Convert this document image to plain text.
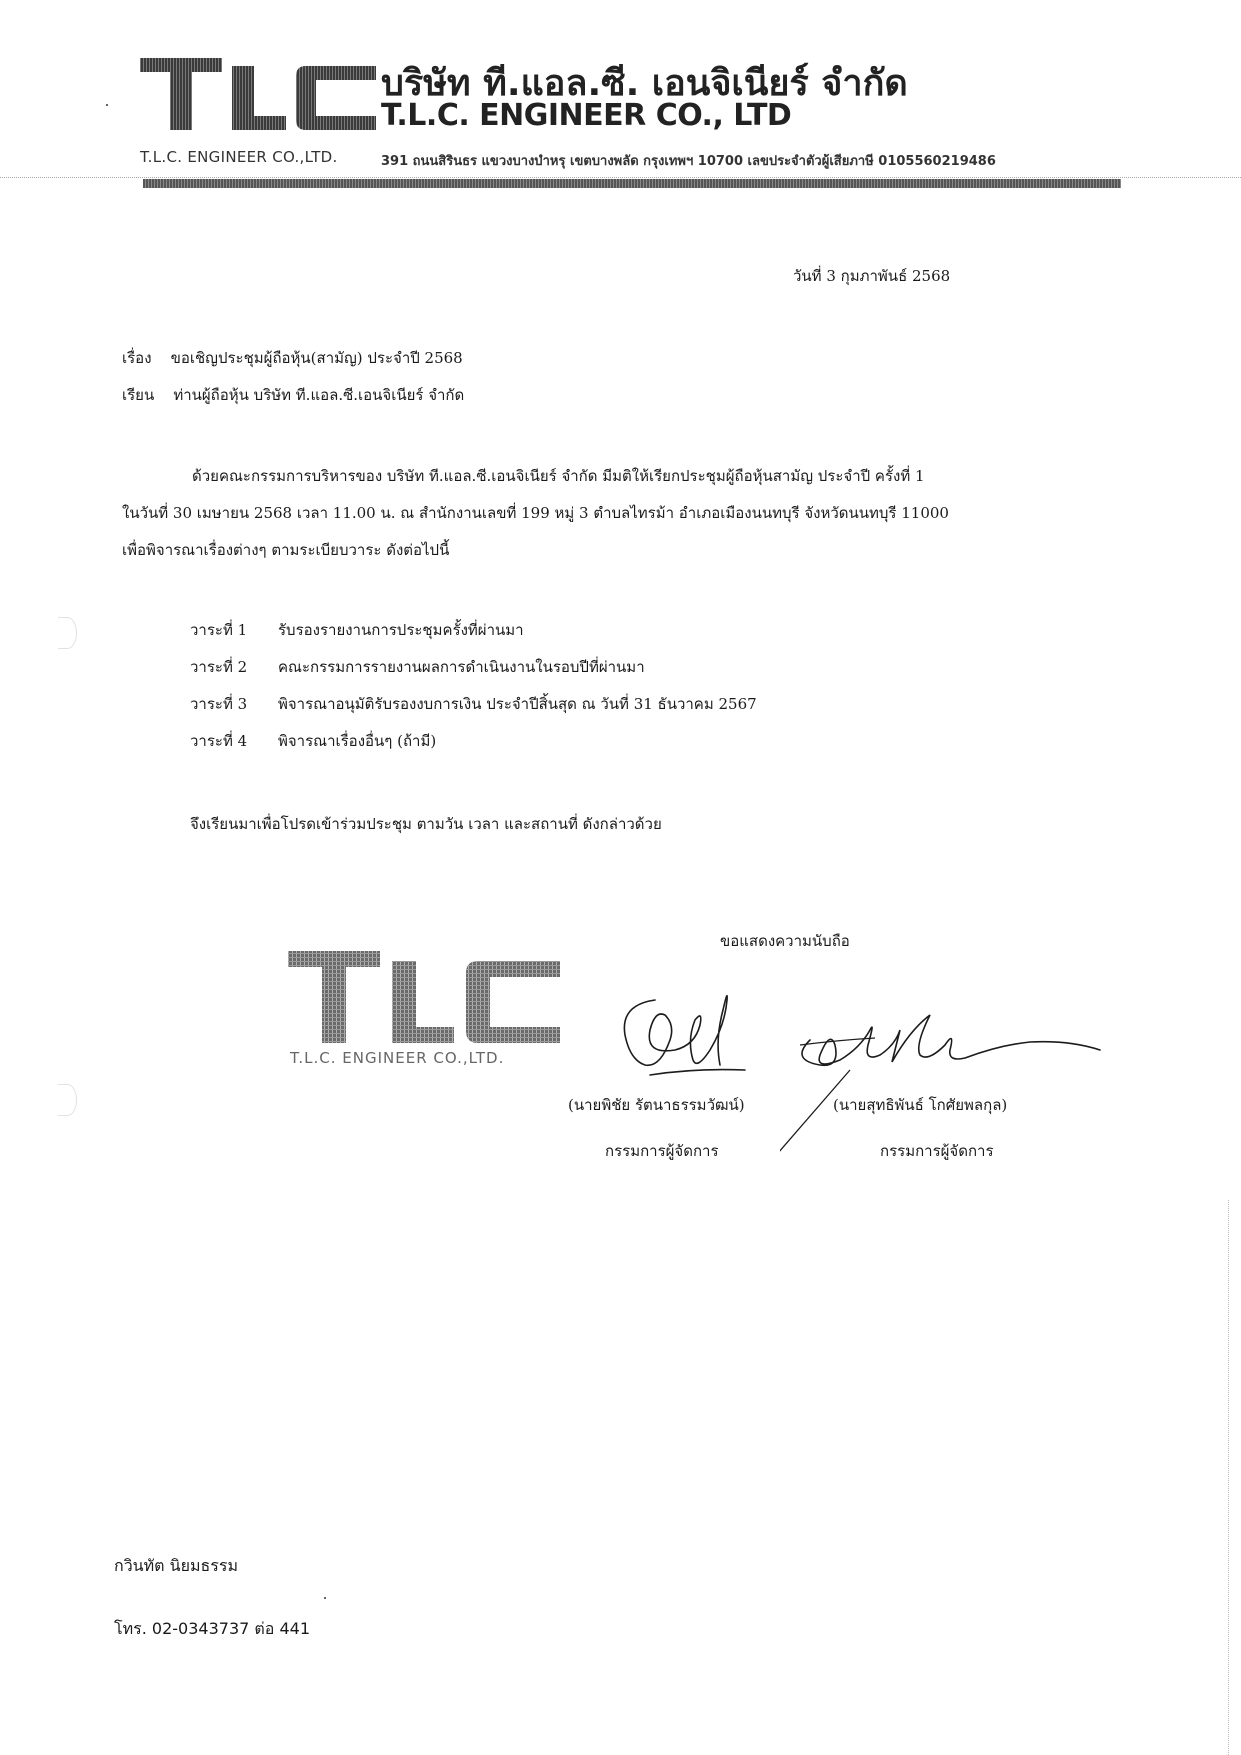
บริษัท ที.แอล.ซี. เอนจิเนียร์ จำกัด
T.L.C. ENGINEER CO., LTD
T.L.C. ENGINEER CO.,LTD.	391 ถนนสิรินธร แขวงบางบำหรุ เขตบางพลัด กรุงเทพฯ 10700 เลขประจำตัวผู้เสียภาษี 0105560219486
วันที่ 3 กุมภาพันธ์ 2568
เรื่อง ขอเชิญประชุมผู้ถือหุ้น(สามัญ) ประจำปี 2568
เรียน ท่านผู้ถือหุ้น บริษัท ที.แอล.ซี.เอนจิเนียร์ จำกัด
ด้วยคณะกรรมการบริหารของ บริษัท ที.แอล.ซี.เอนจิเนียร์ จำกัด มีมติให้เรียกประชุมผู้ถือหุ้นสามัญ ประจำปี ครั้งที่ 1
ในวันที่ 30 เมษายน 2568 เวลา 11.00 น. ณ สำนักงานเลขที่ 199 หมู่ 3 ตำบลไทรม้า อำเภอเมืองนนทบุรี จังหวัดนนทบุรี 11000
เพื่อพิจารณาเรื่องต่างๆ ตามระเบียบวาระ ดังต่อไปนี้
วาระที่ 1 รับรองรายงานการประชุมครั้งที่ผ่านมา
วาระที่ 2 คณะกรรมการรายงานผลการดำเนินงานในรอบปีที่ผ่านมา
วาระที่ 3 พิจารณาอนุมัติรับรองงบการเงิน ประจำปีสิ้นสุด ณ วันที่ 31 ธันวาคม 2567
วาระที่ 4 พิจารณาเรื่องอื่นๆ (ถ้ามี)
จึงเรียนมาเพื่อโปรดเข้าร่วมประชุม ตามวัน เวลา และสถานที่ ดังกล่าวด้วย
ขอแสดงความนับถือ
T.L.C. ENGINEER CO.,LTD.
(นายพิชัย รัตนาธรรมวัฒน์)	(นายสุทธิพันธ์ โกศัยพลกุล)
กรรมการผู้จัดการ	กรรมการผู้จัดการ
กวินทัต นิยมธรรม
โทร. 02-0343737 ต่อ 441
